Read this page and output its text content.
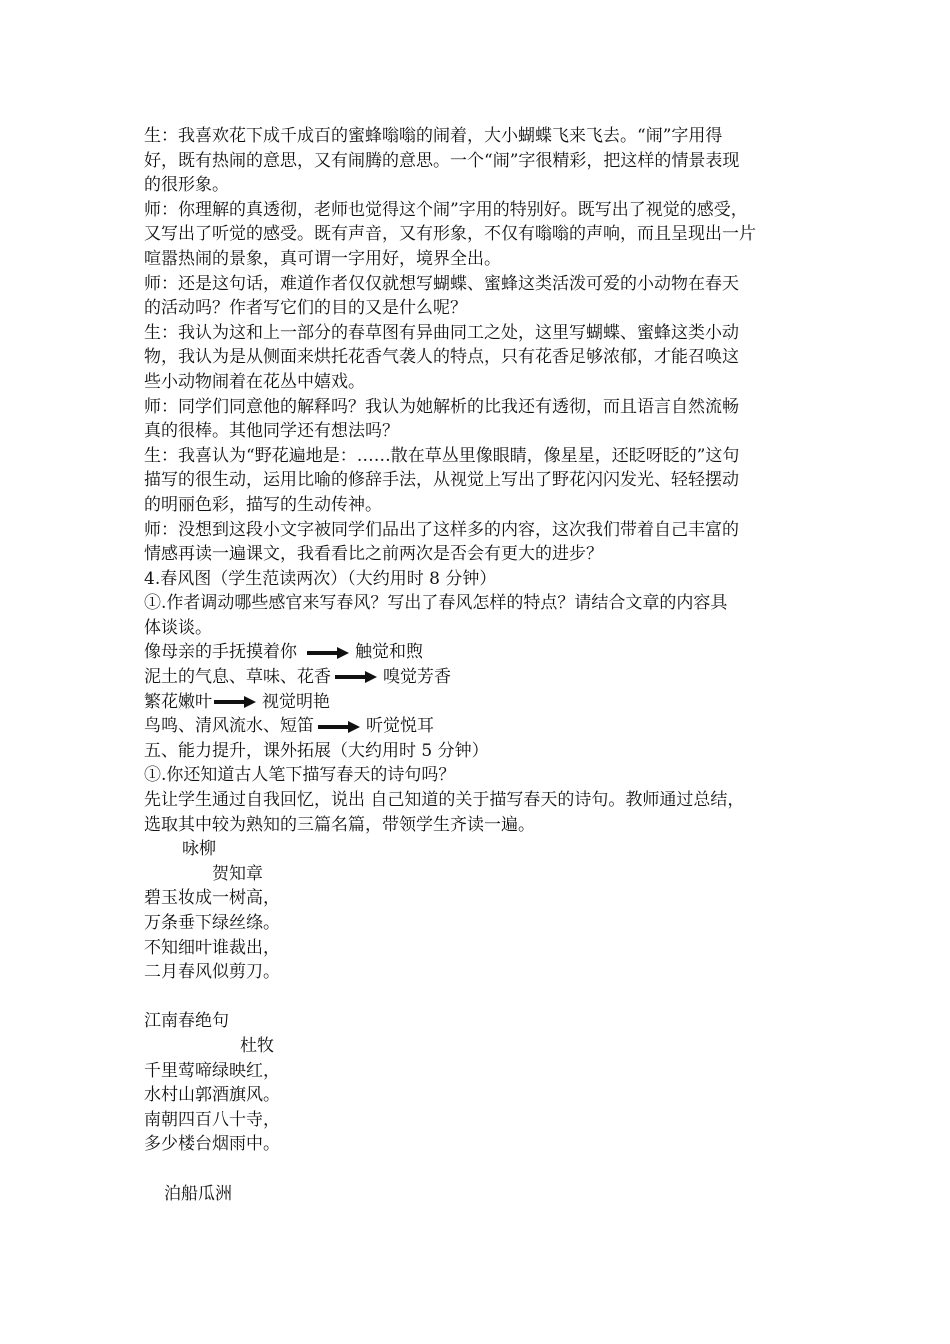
生：我喜欢花下成千成百的蜜蜂嗡嗡的闹着，大小蝴蝶飞来飞去。“闹”字用得
好，既有热闹的意思，又有闹腾的意思。一个“闹”字很精彩，把这样的情景表现
的很形象。
师：你理解的真透彻，老师也觉得这个闹”字用的特别好。既写出了视觉的感受，
又写出了听觉的感受。既有声音，又有形象，不仅有嗡嗡的声响，而且呈现出一片
喧嚣热闹的景象，真可谓一字用好，境界全出。
师：还是这句话，难道作者仅仅就想写蝴蝶、蜜蜂这类活泼可爱的小动物在春天
的活动吗？作者写它们的目的又是什么呢？
生：我认为这和上一部分的春草图有异曲同工之处，这里写蝴蝶、蜜蜂这类小动
物，我认为是从侧面来烘托花香气袭人的特点，只有花香足够浓郁，才能召唤这
些小动物闹着在花丛中嬉戏。
师：同学们同意他的解释吗？我认为她解析的比我还有透彻，而且语言自然流畅
真的很棒。其他同学还有想法吗？
生：我喜认为“野花遍地是：……散在草丛里像眼睛，像星星，还眨呀眨的”这句
描写的很生动，运用比喻的修辞手法，从视觉上写出了野花闪闪发光、轻轻摆动
的明丽色彩，描写的生动传神。
师：没想到这段小文字被同学们品出了这样多的内容，这次我们带着自己丰富的
情感再读一遍课文，我看看比之前两次是否会有更大的进步？
4.春风图（学生范读两次）（大约用时 8 分钟）
①.作者调动哪些感官来写春风？写出了春风怎样的特点？请结合文章的内容具
体谈谈。
像母亲的手抚摸着你	触觉和煦
泥土的气息、草味、花香	嗅觉芳香
繁花嫩叶	视觉明艳
鸟鸣、清风流水、短笛	听觉悦耳
五、能力提升，课外拓展（大约用时 5 分钟）
①.你还知道古人笔下描写春天的诗句吗？
先让学生通过自我回忆，说出 自己知道的关于描写春天的诗句。教师通过总结，
选取其中较为熟知的三篇名篇，带领学生齐读一遍。
咏柳
贺知章
碧玉妆成一树高，
万条垂下绿丝绦。
不知细叶谁裁出，
二月春风似剪刀。
江南春绝句
杜牧
千里莺啼绿映红，
水村山郭酒旗风。
南朝四百八十寺，
多少楼台烟雨中。
泊船瓜洲
